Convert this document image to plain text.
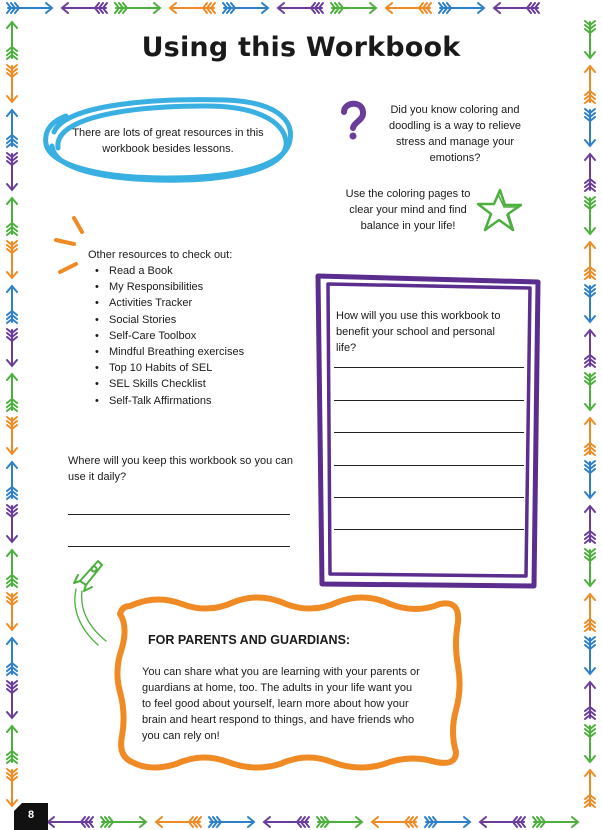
Using this Workbook
There are lots of great resources in this workbook besides lessons.
Did you know coloring and doodling is a way to relieve stress and manage your emotions?
Use the coloring pages to clear your mind and find balance in your life!
Other resources to check out:
• Read a Book
• My Responsibilities
• Activities Tracker
• Social Stories
• Self-Care Toolbox
• Mindful Breathing exercises
• Top 10 Habits of SEL
• SEL Skills Checklist
• Self-Talk Affirmations
How will you use this workbook to benefit your school and personal life?
Where will you keep this workbook so you can use it daily?
FOR PARENTS AND GUARDIANS:
You can share what you are learning with your parents or guardians at home, too. The adults in your life want you to feel good about yourself, learn more about how your brain and heart respond to things, and have friends who you can rely on!
8
